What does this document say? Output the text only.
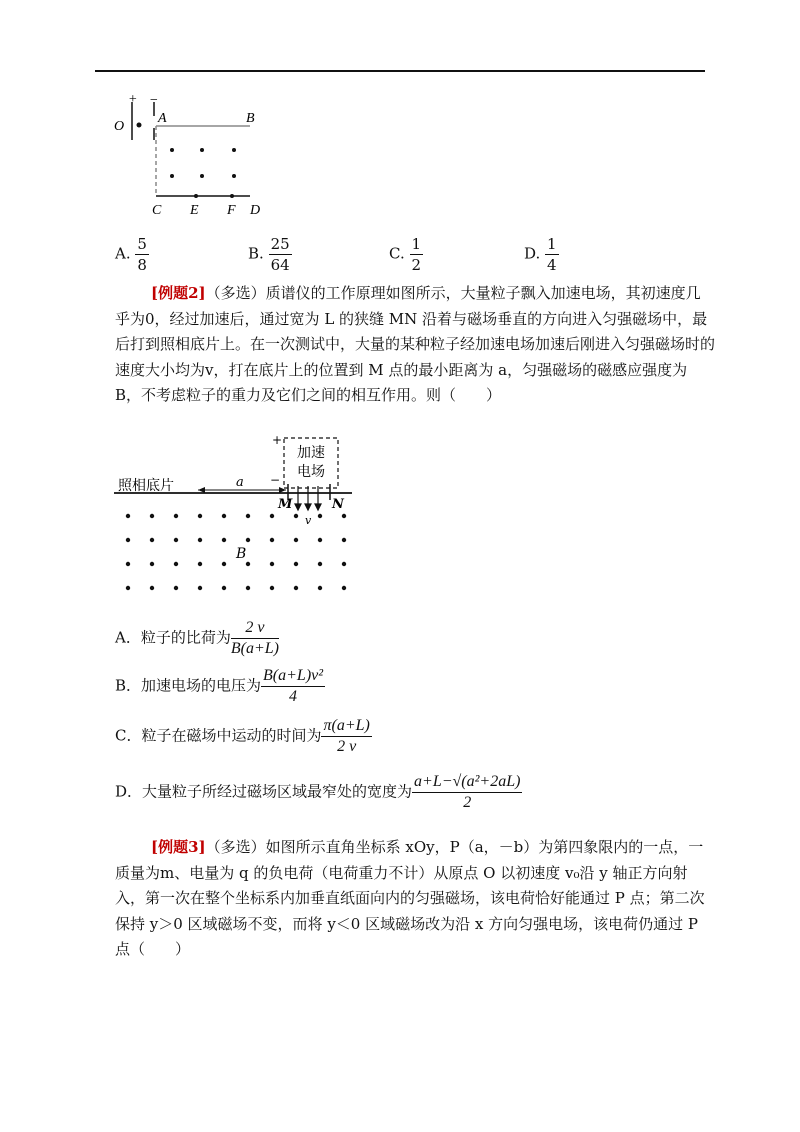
+ −
O
A	B
C E F D
A. $\frac{5}{8}$	B. $\frac{25}{64}$	C. $\frac{1}{2}$	D. $\frac{1}{4}$
[例题2]（多选）质谱仪的工作原理如图所示，大量粒子飘入加速电场，其初速度几乎为0，经过加速后，通过宽为 L 的狭缝 MN 沿着与磁场垂直的方向进入匀强磁场中，最后打到照相底片上。在一次测试中，大量的某种粒子经加速电场加速后刚进入匀强磁场时的速度大小均为v，打在底片上的位置到 M 点的最小距离为 a，匀强磁场的磁感应强度为 B，不考虑粒子的重力及它们之间的相互作用。则（　　）
加速
电场
+
−
照相底片	a
M	N
v
B
A．粒子的比荷为 $\frac{2 v}{B(a+L)}$
B．加速电场的电压为 $\frac{\text{B(a+L)v²}}{4}$
C．粒子在磁场中运动的时间为 $\frac{\pi(a+L)}{2 v}$
D．大量粒子所经过磁场区域最窄处的宽度为 $\frac{\text{a+L−√(a²+2aL)}}{2}$
[例题3]（多选）如图所示直角坐标系 xOy，P（a，－b）为第四象限内的一点，一质量为m、电量为 q 的负电荷（电荷重力不计）从原点 O 以初速度 v₀沿 y 轴正方向射入，第一次在整个坐标系内加垂直纸面向内的匀强磁场，该电荷恰好能通过 P 点；第二次保持 y＞0 区域磁场不变，而将 y＜0 区域磁场改为沿 x 方向匀强电场，该电荷仍通过 P 点（　　）
